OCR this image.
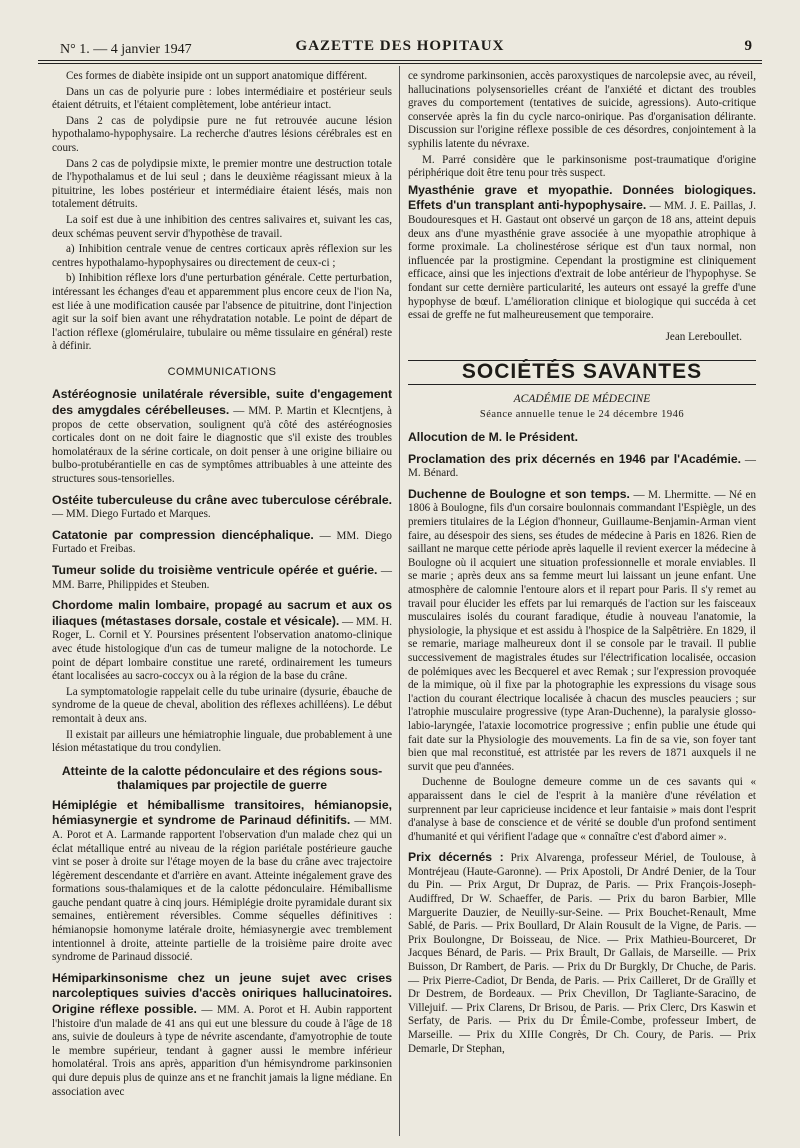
N° 1. — 4 janvier 1947	GAZETTE DES HOPITAUX	9

Ces formes de diabète insipide ont un support anatomique différent.

Dans un cas de polyurie pure : lobes intermédiaire et postérieur seuls étaient détruits, et l'étaient complètement, lobe antérieur intact.

Dans 2 cas de polydipsie pure ne fut retrouvée aucune lésion hypothalamo-hypophysaire. La recherche d'autres lésions cérébrales est en cours.

Dans 2 cas de polydipsie mixte, le premier montre une destruction totale de l'hypothalamus et de lui seul ; dans le deuxième réagissant mieux à la pituitrine, les lobes postérieur et intermédiaire étaient lésés, mais non totalement détruits.

La soif est due à une inhibition des centres salivaires et, suivant les cas, deux schémas peuvent servir d'hypothèse de travail.

a) Inhibition centrale venue de centres corticaux après réflexion sur les centres hypothalamo-hypophysaires ou directement de ceux-ci ;

b) Inhibition réflexe lors d'une perturbation générale. Cette perturbation, intéressant les échanges d'eau et apparemment plus encore ceux de l'ion Na, est liée à une modification causée par l'absence de pituitrine, dont l'injection agit sur la soif bien avant une réhydratation notable. Le point de départ de l'action réflexe (glomérulaire, tubulaire ou même tissulaire en général) reste à définir.

COMMUNICATIONS

Astéréognosie unilatérale réversible, suite d'engagement des amygdales cérébelleuses. — MM. P. Martin et Klecntjens, à propos de cette observation, soulignent qu'à côté des astéréognosies corticales dont on ne doit faire le diagnostic que s'il existe des troubles homolatéraux de la sérine corticale, on doit penser à une origine biliaire ou bulbo-protubérantielle en cas de symptômes attribuables à une atteinte des structures sous-tensorielles.

Ostéite tuberculeuse du crâne avec tuberculose cérébrale. — MM. Diego Furtado et Marques.

Catatonie par compression diencéphalique. — MM. Diego Furtado et Freibas.

Tumeur solide du troisième ventricule opérée et guérie. — MM. Barre, Philippides et Steuben.

Chordome malin lombaire, propagé au sacrum et aux os iliaques (métastases dorsale, costale et vésicale). — MM. H. Roger, L. Cornil et Y. Poursines présentent l'observation anatomo-clinique avec étude histologique d'un cas de tumeur maligne de la notochorde. Le point de départ lombaire constitue une rareté, ordinairement les tumeurs étant localisées au sacro-coccyx ou à la région de la base du crâne.

La symptomatologie rappelait celle du tube urinaire (dysurie, ébauche de syndrome de la queue de cheval, abolition des réflexes achilléens). Le début remontait à deux ans.

Il existait par ailleurs une hémiatrophie linguale, due probablement à une lésion métastatique du trou condylien.

Atteinte de la calotte pédonculaire et des régions sous-thalamiques par projectile de guerre

Hémiplégie et hémiballisme transitoires, hémianopsie, hémiasynergie et syndrome de Parinaud définitifs. — MM. A. Porot et A. Larmande rapportent l'observation d'un malade chez qui un éclat métallique entré au niveau de la région pariétale postérieure gauche vint se poser à droite sur l'étage moyen de la base du crâne avec trajectoire légèrement descendante et d'arrière en avant. Atteinte inégalement grave des formations sous-thalamiques et de la calotte pédonculaire. Hémiballisme gauche pendant quatre à cinq jours. Hémiplégie droite pyramidale durant six semaines, entièrement réversibles. Comme séquelles définitives : hémianopsie homonyme latérale droite, hémiasynergie avec tremblement intentionnel à droite, atteinte partielle de la troisième paire droite avec syndrome de Parinaud dissocié.

Hémiparkinsonisme chez un jeune sujet avec crises narcoleptiques suivies d'accès oniriques hallucinatoires. Origine réflexe possible. — MM. A. Porot et H. Aubin rapportent l'histoire d'un malade de 41 ans qui eut une blessure du coude à l'âge de 18 ans, suivie de douleurs à type de névrite ascendante, d'amyotrophie de toute le membre supérieur, tendant à gagner aussi le membre inférieur homolatéral. Trois ans après, apparition d'un hémisyndrome parkinsonien qui dure depuis plus de quinze ans et ne franchit jamais la ligne médiane. En association avec

ce syndrome parkinsonien, accès paroxystiques de narcolepsie avec, au réveil, hallucinations polysensorielles créant de l'anxiété et dictant des troubles graves du comportement (tentatives de suicide, agressions). Auto-critique conservée après la fin du cycle narco-onirique. Pas d'organisation délirante. Discussion sur l'origine réflexe possible de ces désordres, conjointement à la syphilis latente du névraxe.

M. Parré considère que le parkinsonisme post-traumatique d'origine périphérique doit être tenu pour très suspect.

Myasthénie grave et myopathie. Données biologiques. Effets d'un transplant anti-hypophysaire. — MM. J. E. Paillas, J. Boudouresques et H. Gastaut ont observé un garçon de 18 ans, atteint depuis deux ans d'une myasthénie grave associée à une myopathie atrophique à forme proximale. La cholinestérose sérique est d'un taux normal, non influencée par la prostigmine. Cependant la prostigmine est cliniquement efficace, ainsi que les injections d'extrait de lobe antérieur de l'hypophyse. Se fondant sur cette dernière particularité, les auteurs ont essayé la greffe d'une hypophyse de bœuf. L'amélioration clinique et biologique qui succéda à cet essai de greffe ne fut malheureusement que temporaire.

Jean Lereboullet.
SOCIÉTÉS SAVANTES
ACADÉMIE DE MÉDECINE
Séance annuelle tenue le 24 décembre 1946

Allocution de M. le Président.

Proclamation des prix décernés en 1946 par l'Académie. — M. Bénard.

Duchenne de Boulogne et son temps. — M. Lhermitte. — Né en 1806 à Boulogne, fils d'un corsaire boulonnais commandant l'Espiègle, un des premiers titulaires de la Légion d'honneur, Guillaume-Benjamin-Arman vient faire, au désespoir des siens, ses études de médecine à Paris en 1826. Rien de saillant ne marque cette période après laquelle il revient exercer la médecine à Boulogne où il acquiert une situation professionnelle et morale enviables. Il se marie ; après deux ans sa femme meurt lui laissant un jeune enfant. Une atmosphère de calomnie l'entoure alors et il repart pour Paris. Il s'y remet au travail pour élucider les effets par lui remarqués de l'action sur les faisceaux musculaires isolés du courant faradique, étudie à nouveau l'anatomie, la physiologie, la physique et est assidu à l'hospice de la Salpêtrière. En 1829, il se remarie, mariage malheureux dont il se console par le travail. Il publie successivement de magistrales études sur l'électrification localisée, occasion de polémiques avec les Becquerel et avec Remak ; sur l'expression provoquée de la mimique, où il fixe par la photographie les expressions du visage sous l'action du courant électrique localisée à chacun des muscles peauciers ; sur l'atrophie musculaire progressive (type Aran-Duchenne), la paralysie glosso-labio-laryngée, l'ataxie locomotrice progressive ; enfin publie une étude qui fait date sur la Physiologie des mouvements. La fin de sa vie, son foyer tant bien que mal reconstitué, est attristée par les revers de 1871 auxquels il ne survit que peu d'années.

Duchenne de Boulogne demeure comme un de ces savants qui « apparaissent dans le ciel de l'esprit à la manière d'une révélation et surprennent par leur capricieuse incidence et leur fantaisie » mais dont l'esprit d'analyse à base de conscience et de vérité se double d'un profond sentiment d'humanité et qui vérifient l'adage que « connaître c'est d'abord aimer ».

Prix décernés : Prix Alvarenga, professeur Mériel, de Toulouse, à Montréjeau (Haute-Garonne). — Prix Apostoli, Dr André Denier, de la Tour du Pin. — Prix Argut, Dr Dupraz, de Paris. — Prix François-Joseph-Audiffred, Dr W. Schaeffer, de Paris. — Prix du baron Barbier, Mlle Marguerite Dauzier, de Neuilly-sur-Seine. — Prix Bouchet-Renault, Mme Sablé, de Paris. — Prix Boullard, Dr Alain Rousult de la Vigne, de Paris. — Prix Boulongne, Dr Boisseau, de Nice. — Prix Mathieu-Bourceret, Dr Jacques Bénard, de Paris. — Prix Brault, Dr Gallais, de Marseille. — Prix Buisson, Dr Rambert, de Paris. — Prix du Dr Burgkly, Dr Chuche, de Paris. — Prix Pierre-Cadiot, Dr Benda, de Paris. — Prix Cailleret, Dr de Graïlly et Dr Destrem, de Bordeaux. — Prix Chevillon, Dr Tagliante-Saracino, de Villejuif. — Prix Clarens, Dr Brisou, de Paris. — Prix Clerc, Drs Kaswin et Serfaty, de Paris. — Prix du Dr Émile-Combe, professeur Imbert, de Marseille. — Prix du XIIIe Congrès, Dr Ch. Coury, de Paris. — Prix Demarle, Dr Stephan,
